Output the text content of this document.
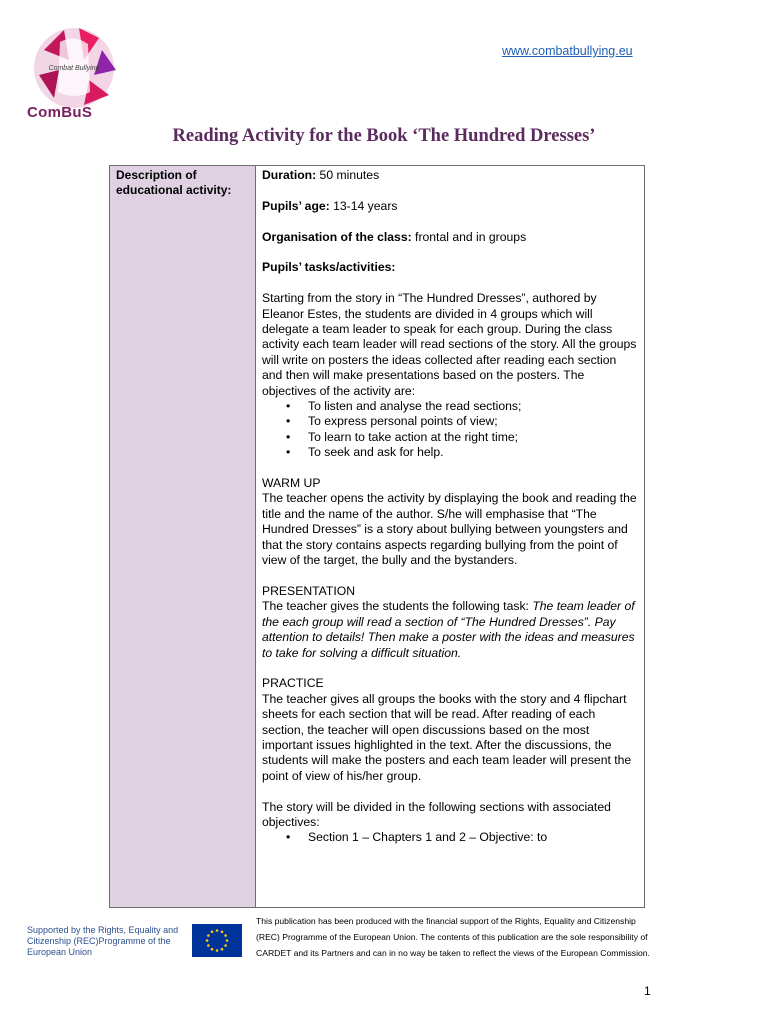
Combat Bullying
ComBuS
www.combatbullying.eu
Reading Activity for the Book ‘The Hundred Dresses’
Description of educational activity:

Duration: 50 minutes

Pupils’ age: 13-14 years

Organisation of the class: frontal and in groups

Pupils’ tasks/activities:

Starting from the story in “The Hundred Dresses”, authored by Eleanor Estes, the students are divided in 4 groups which will delegate a team leader to speak for each group. During the class activity each team leader will read sections of the story. All the groups will write on posters the ideas collected after reading each section and then will make presentations based on the posters. The objectives of the activity are:

• To listen and analyse the read sections;
• To express personal points of view;
• To learn to take action at the right time;
• To seek and ask for help.

WARM UP

The teacher opens the activity by displaying the book and reading the title and the name of the author. S/he will emphasise that “The Hundred Dresses” is a story about bullying between youngsters and that the story contains aspects regarding bullying from the point of view of the target, the bully and the bystanders.

PRESENTATION

The teacher gives the students the following task: The team leader of the each group will read a section of “The Hundred Dresses”. Pay attention to details! Then make a poster with the ideas and measures to take for solving a difficult situation.

PRACTICE

The teacher gives all groups the books with the story and 4 flipchart sheets for each section that will be read. After reading of each section, the teacher will open discussions based on the most important issues highlighted in the text. After the discussions, the students will make the posters and each team leader will present the point of view of his/her group.

The story will be divided in the following sections with associated objectives:

• Section 1 – Chapters 1 and 2 – Objective: to
Supported by the Rights, Equality and Citizenship (REC)Programme of the European Union
This publication has been produced with the financial support of the Rights, Equality and Citizenship (REC) Programme of the European Union. The contents of this publication are the sole responsibility of CARDET and its Partners and can in no way be taken to reflect the views of the European Commission.
1
